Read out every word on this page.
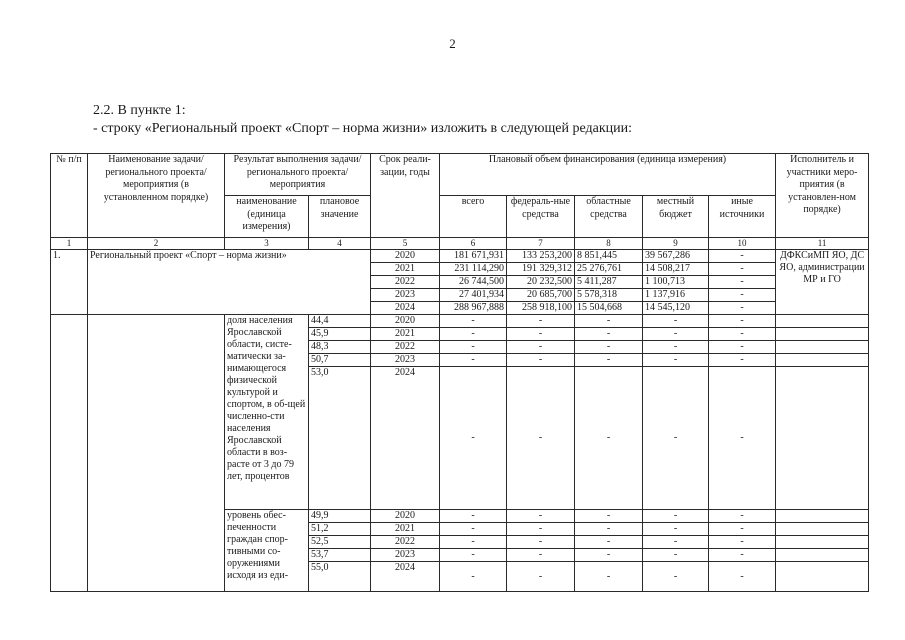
2
2.2. В пункте 1:
- строку «Региональный проект «Спорт – норма жизни» изложить в следующей редакции:
№ п/п	Наименование задачи/ регионального проекта/ мероприятия (в установленном порядке)	Результат выполнения задачи/ регионального проекта/ мероприятия		Срок реали-зации, годы	Плановый объем финансирования (единица измерения)					Исполнитель и участники меро-приятия (в установлен-ном порядке)
		наименование (единица измерения)	плановое значение		всего	федераль-ные средства	областные средства	местный бюджет	иные источники	
1	2	3	4	5	6	7	8	9	10	11
1.	Региональный проект «Спорт – норма жизни»			2020	181 671,931	133 253,200	8 851,445	39 567,286	-	ДФКСиМП ЯО, ДС ЯО, администрации МР и ГО
				2021	231 114,290	191 329,312	25 276,761	14 508,217	-	
				2022	26 744,500	20 232,500	5 411,287	1 100,713	-	
				2023	27 401,934	20 685,700	5 578,318	1 137,916	-	
				2024	288 967,888	258 918,100	15 504,668	14 545,120	-	
		доля населения Ярославской области, систе-матически за-нимающегося физической культурой и спортом, в об-щей численно-сти населения Ярославской области в воз-расте от 3 до 79 лет, процентов	44,4	2020	-	-	-	-	-	
			45,9	2021	-	-	-	-	-	
			48,3	2022	-	-	-	-	-	
			50,7	2023	-	-	-	-	-	
			53,0	2024	-	-	-	-	-	
		уровень обес-печенности граждан спор-тивными со-оружениями исходя из еди-	49,9	2020	-	-	-	-	-	
			51,2	2021	-	-	-	-	-	
			52,5	2022	-	-	-	-	-	
			53,7	2023	-	-	-	-	-	
			55,0	2024	-	-	-	-	-	
